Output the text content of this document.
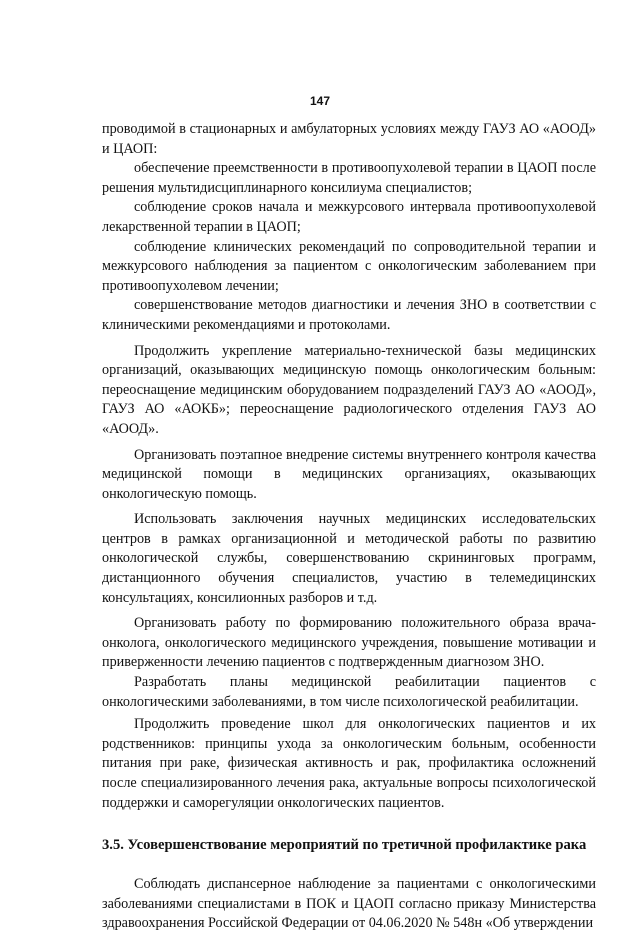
147

проводимой в стационарных и амбулаторных условиях между ГАУЗ АО «АООД» и ЦАОП:

обеспечение преемственности в противоопухолевой терапии в ЦАОП после решения мультидисциплинарного консилиума специалистов;

соблюдение сроков начала и межкурсового интервала противоопухолевой лекарственной терапии в ЦАОП;

соблюдение клинических рекомендаций по сопроводительной терапии и межкурсового наблюдения за пациентом с онкологическим заболеванием при противоопухолевом лечении;

совершенствование методов диагностики и лечения ЗНО в соответствии с клиническими рекомендациями и протоколами.

Продолжить укрепление материально-технической базы медицинских организаций, оказывающих медицинскую помощь онкологическим больным: переоснащение медицинским оборудованием подразделений ГАУЗ АО «АООД», ГАУЗ АО «АОКБ»; переоснащение радиологического отделения ГАУЗ АО «АООД».

Организовать поэтапное внедрение системы внутреннего контроля качества медицинской помощи в медицинских организациях, оказывающих онкологическую помощь.

Использовать заключения научных медицинских исследовательских центров в рамках организационной и методической работы по развитию онкологической службы, совершенствованию скрининговых программ, дистанционного обучения специалистов, участию в телемедицинских консультациях, консилионных разборов и т.д.

Организовать работу по формированию положительного образа врача-онколога, онкологического медицинского учреждения, повышение мотивации и приверженности лечению пациентов с подтвержденным диагнозом ЗНО.

Разработать планы медицинской реабилитации пациентов с онкологическими заболеваниями, в том числе психологической реабилитации.

Продолжить проведение школ для онкологических пациентов и их родственников: принципы ухода за онкологическим больным, особенности питания при раке, физическая активность и рак, профилактика осложнений после специализированного лечения рака, актуальные вопросы психологической поддержки и саморегуляции онкологических пациентов.

3.5. Усовершенствование мероприятий по третичной профилактике рака

Соблюдать диспансерное наблюдение за пациентами с онкологическими заболеваниями специалистами в ПОК и ЦАОП согласно приказу Министерства здравоохранения Российской Федерации от 04.06.2020 № 548н «Об утверждении
